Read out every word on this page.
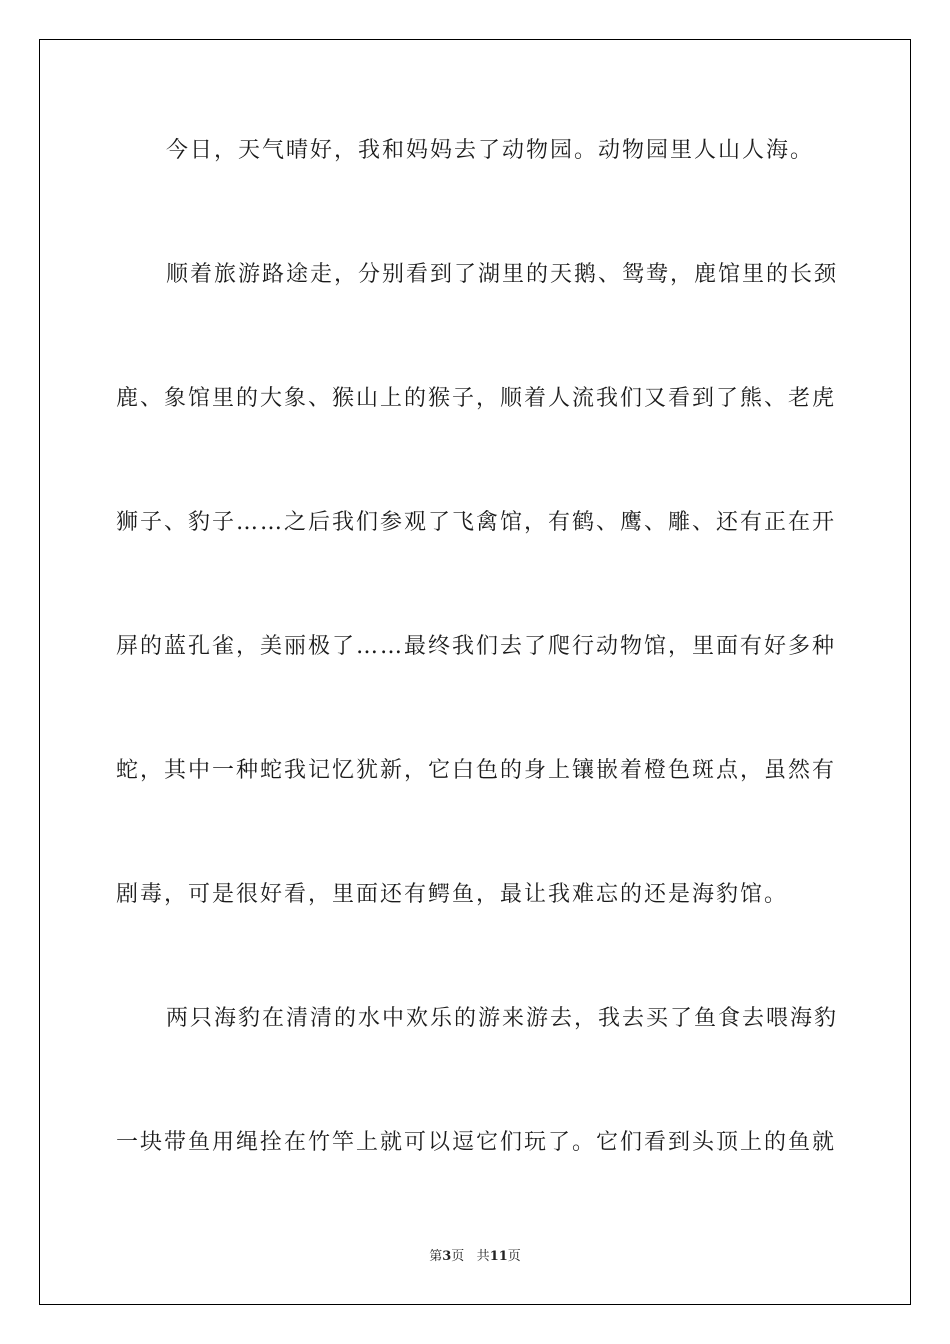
今日，天气晴好，我和妈妈去了动物园。动物园里人山人海。
顺着旅游路途走，分别看到了湖里的天鹅、鸳鸯，鹿馆里的长颈
鹿、象馆里的大象、猴山上的猴子，顺着人流我们又看到了熊、老虎
狮子、豹子……之后我们参观了飞禽馆，有鹤、鹰、雕、还有正在开
屏的蓝孔雀，美丽极了……最终我们去了爬行动物馆，里面有好多种
蛇，其中一种蛇我记忆犹新，它白色的身上镶嵌着橙色斑点，虽然有
剧毒，可是很好看，里面还有鳄鱼，最让我难忘的还是海豹馆。
两只海豹在清清的水中欢乐的游来游去，我去买了鱼食去喂海豹
一块带鱼用绳拴在竹竿上就可以逗它们玩了。它们看到头顶上的鱼就
第3页 共11页
